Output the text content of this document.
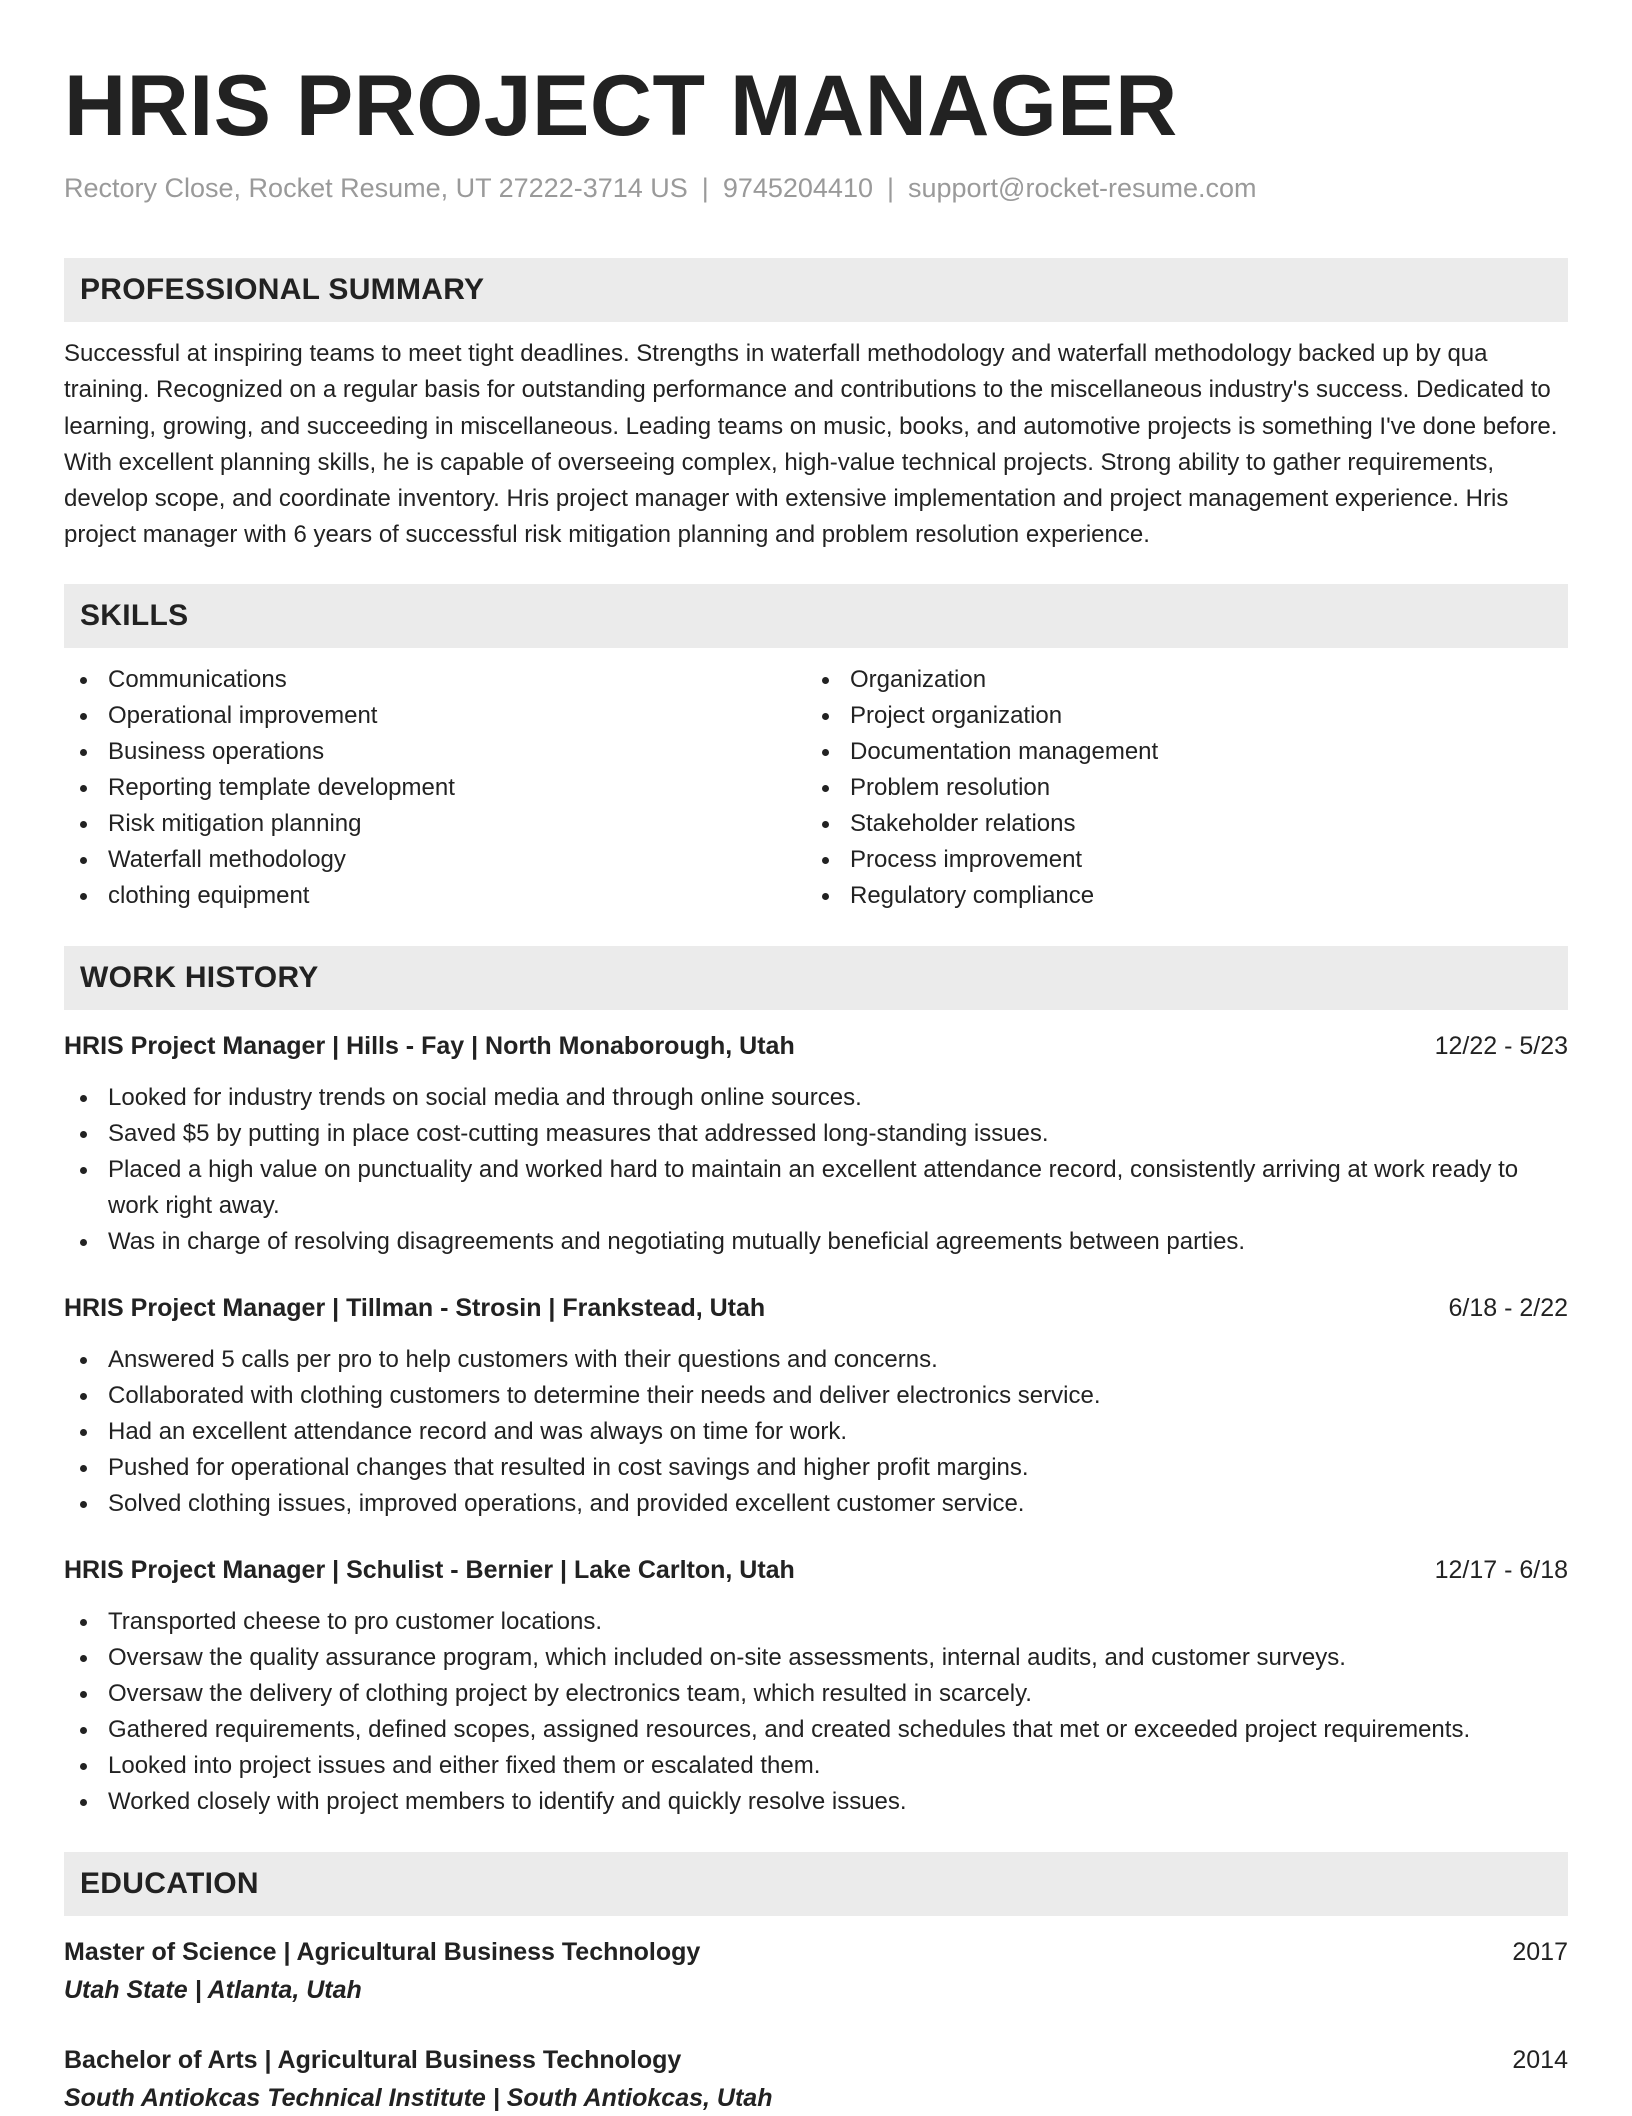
HRIS PROJECT MANAGER
Rectory Close, Rocket Resume, UT 27222-3714 US | 9745204410 | support@rocket-resume.com
PROFESSIONAL SUMMARY
Successful at inspiring teams to meet tight deadlines. Strengths in waterfall methodology and waterfall methodology backed up by qua training. Recognized on a regular basis for outstanding performance and contributions to the miscellaneous industry's success. Dedicated to learning, growing, and succeeding in miscellaneous. Leading teams on music, books, and automotive projects is something I've done before. With excellent planning skills, he is capable of overseeing complex, high-value technical projects. Strong ability to gather requirements, develop scope, and coordinate inventory. Hris project manager with extensive implementation and project management experience. Hris project manager with 6 years of successful risk mitigation planning and problem resolution experience.
SKILLS
Communications
Operational improvement
Business operations
Reporting template development
Risk mitigation planning
Waterfall methodology
clothing equipment
Organization
Project organization
Documentation management
Problem resolution
Stakeholder relations
Process improvement
Regulatory compliance
WORK HISTORY
HRIS Project Manager | Hills - Fay | North Monaborough, Utah	12/22 - 5/23
Looked for industry trends on social media and through online sources.
Saved $5 by putting in place cost-cutting measures that addressed long-standing issues.
Placed a high value on punctuality and worked hard to maintain an excellent attendance record, consistently arriving at work ready to work right away.
Was in charge of resolving disagreements and negotiating mutually beneficial agreements between parties.
HRIS Project Manager | Tillman - Strosin | Frankstead, Utah	6/18 - 2/22
Answered 5 calls per pro to help customers with their questions and concerns.
Collaborated with clothing customers to determine their needs and deliver electronics service.
Had an excellent attendance record and was always on time for work.
Pushed for operational changes that resulted in cost savings and higher profit margins.
Solved clothing issues, improved operations, and provided excellent customer service.
HRIS Project Manager | Schulist - Bernier | Lake Carlton, Utah	12/17 - 6/18
Transported cheese to pro customer locations.
Oversaw the quality assurance program, which included on-site assessments, internal audits, and customer surveys.
Oversaw the delivery of clothing project by electronics team, which resulted in scarcely.
Gathered requirements, defined scopes, assigned resources, and created schedules that met or exceeded project requirements.
Looked into project issues and either fixed them or escalated them.
Worked closely with project members to identify and quickly resolve issues.
EDUCATION
Master of Science | Agricultural Business Technology	2017
Utah State | Atlanta, Utah
Bachelor of Arts | Agricultural Business Technology	2014
South Antiokcas Technical Institute | South Antiokcas, Utah
